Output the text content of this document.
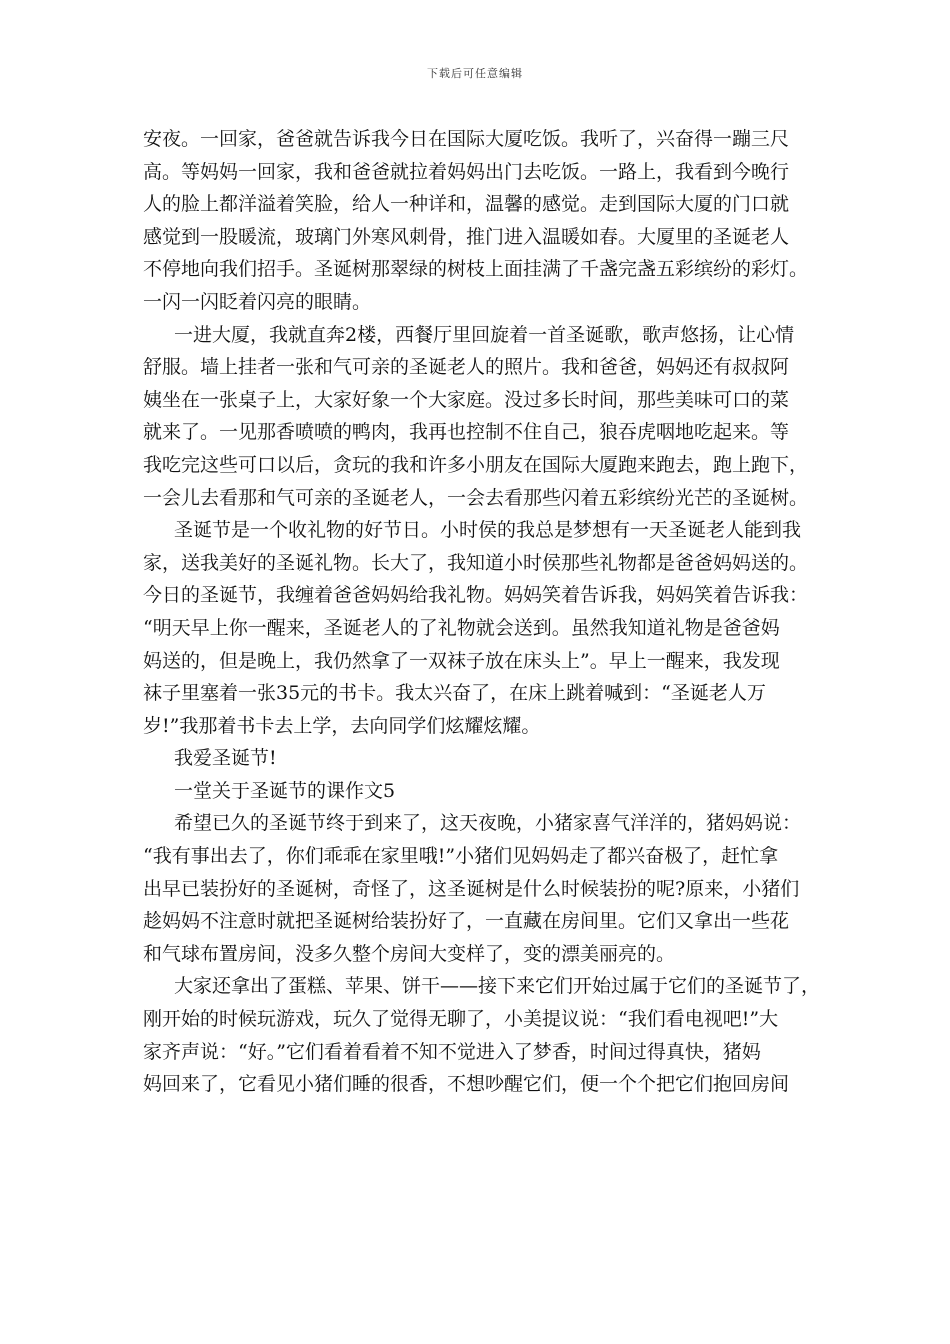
下载后可任意编辑
安夜。一回家，爸爸就告诉我今日在国际大厦吃饭。我听了，兴奋得一蹦三尺
高。等妈妈一回家，我和爸爸就拉着妈妈出门去吃饭。一路上，我看到今晚行
人的脸上都洋溢着笑脸，给人一种详和，温馨的感觉。走到国际大厦的门口就
感觉到一股暖流，玻璃门外寒风刺骨，推门进入温暖如春。大厦里的圣诞老人
不停地向我们招手。圣诞树那翠绿的树枝上面挂满了千盏完盏五彩缤纷的彩灯。
一闪一闪眨着闪亮的眼睛。
一进大厦，我就直奔2楼，西餐厅里回旋着一首圣诞歌，歌声悠扬，让心情
舒服。墙上挂者一张和气可亲的圣诞老人的照片。我和爸爸，妈妈还有叔叔阿
姨坐在一张桌子上，大家好象一个大家庭。没过多长时间，那些美味可口的菜
就来了。一见那香喷喷的鸭肉，我再也控制不住自己，狼吞虎咽地吃起来。等
我吃完这些可口以后，贪玩的我和许多小朋友在国际大厦跑来跑去，跑上跑下，
一会儿去看那和气可亲的圣诞老人，一会去看那些闪着五彩缤纷光芒的圣诞树。
圣诞节是一个收礼物的好节日。小时侯的我总是梦想有一天圣诞老人能到我
家，送我美好的圣诞礼物。长大了，我知道小时侯那些礼物都是爸爸妈妈送的。
今日的圣诞节，我缠着爸爸妈妈给我礼物。妈妈笑着告诉我，妈妈笑着告诉我：
“明天早上你一醒来，圣诞老人的了礼物就会送到。虽然我知道礼物是爸爸妈
妈送的，但是晚上，我仍然拿了一双袜子放在床头上”。早上一醒来，我发现
袜子里塞着一张35元的书卡。我太兴奋了，在床上跳着喊到：“圣诞老人万
岁!”我那着书卡去上学，去向同学们炫耀炫耀。
我爱圣诞节!
一堂关于圣诞节的课作文5
希望已久的圣诞节终于到来了，这天夜晚，小猪家喜气洋洋的，猪妈妈说：
“我有事出去了，你们乖乖在家里哦!”小猪们见妈妈走了都兴奋极了，赶忙拿
出早已装扮好的圣诞树，奇怪了，这圣诞树是什么时候装扮的呢?原来，小猪们
趁妈妈不注意时就把圣诞树给装扮好了，一直藏在房间里。它们又拿出一些花
和气球布置房间，没多久整个房间大变样了，变的漂美丽亮的。
大家还拿出了蛋糕、苹果、饼干——接下来它们开始过属于它们的圣诞节了，
刚开始的时候玩游戏，玩久了觉得无聊了，小美提议说：“我们看电视吧!”大
家齐声说：“好。”它们看着看着不知不觉进入了梦香，时间过得真快，猪妈
妈回来了，它看见小猪们睡的很香，不想吵醒它们，便一个个把它们抱回房间
